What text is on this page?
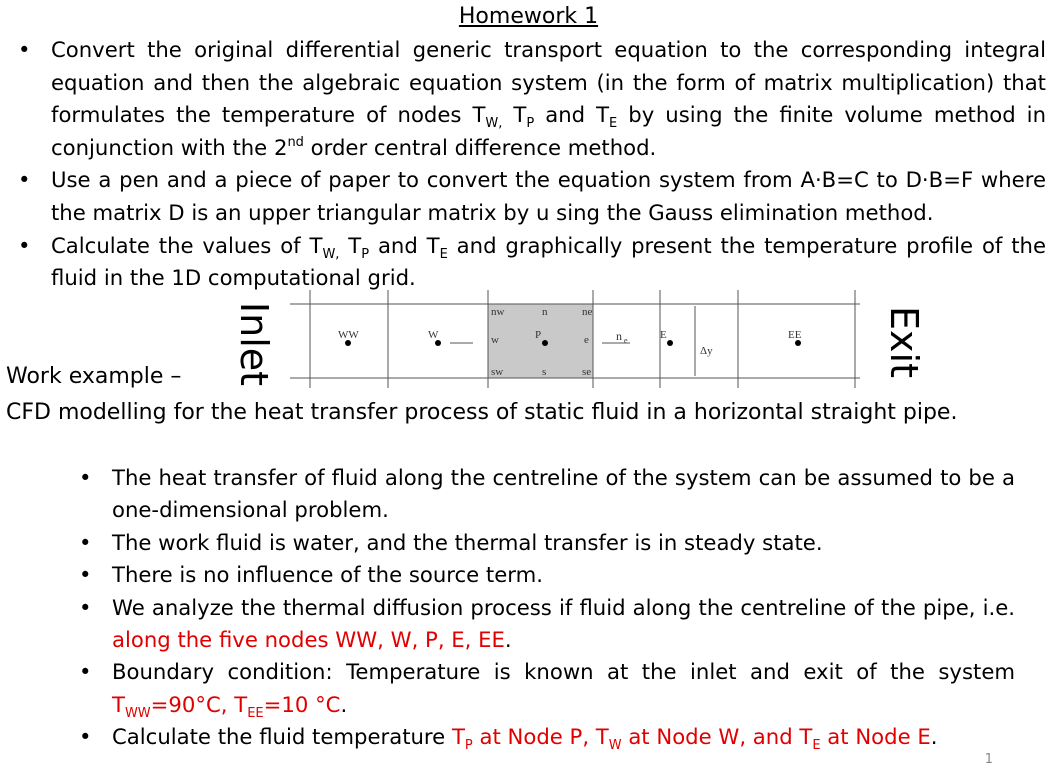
Homework 1
• Convert the original differential generic transport equation to the corresponding integral equation and then the algebraic equation system (in the form of matrix multiplication) that formulates the temperature of nodes $T_{W,}$ $T_P$ and $T_E$ by using the finite volume method in conjunction with the 2nd order central difference method.
• Use a pen and a piece of paper to convert the equation system from A·B=C to D·B=F where the matrix D is an upper triangular matrix by u sing the Gauss elimination method.
• Calculate the values of $T_{W,}$ $T_P$ and $T_E$ and graphically present the temperature profile of the fluid in the 1D computational grid.
Inlet	Exit
Work example –
WW	W	P	E	EE
w	e
nw
sw
n
s
ne
se
n e
Δy
CFD modelling for the heat transfer process of static fluid in a horizontal straight pipe.
• The heat transfer of fluid along the centreline of the system can be assumed to be a one-dimensional problem.
• The work fluid is water, and the thermal transfer is in steady state.
• There is no influence of the source term.
• We analyze the thermal diffusion process if fluid along the centreline of the pipe, i.e. along the five nodes WW, W, P, E, EE.
• Boundary condition: Temperature is known at the inlet and exit of the system $T_{WW}=90^\circ C$, $T_{EE}=10$ °C.
• Calculate the fluid temperature $T_P$ at Node P, $T_W$ at Node W, and $T_E$ at Node E.
1
